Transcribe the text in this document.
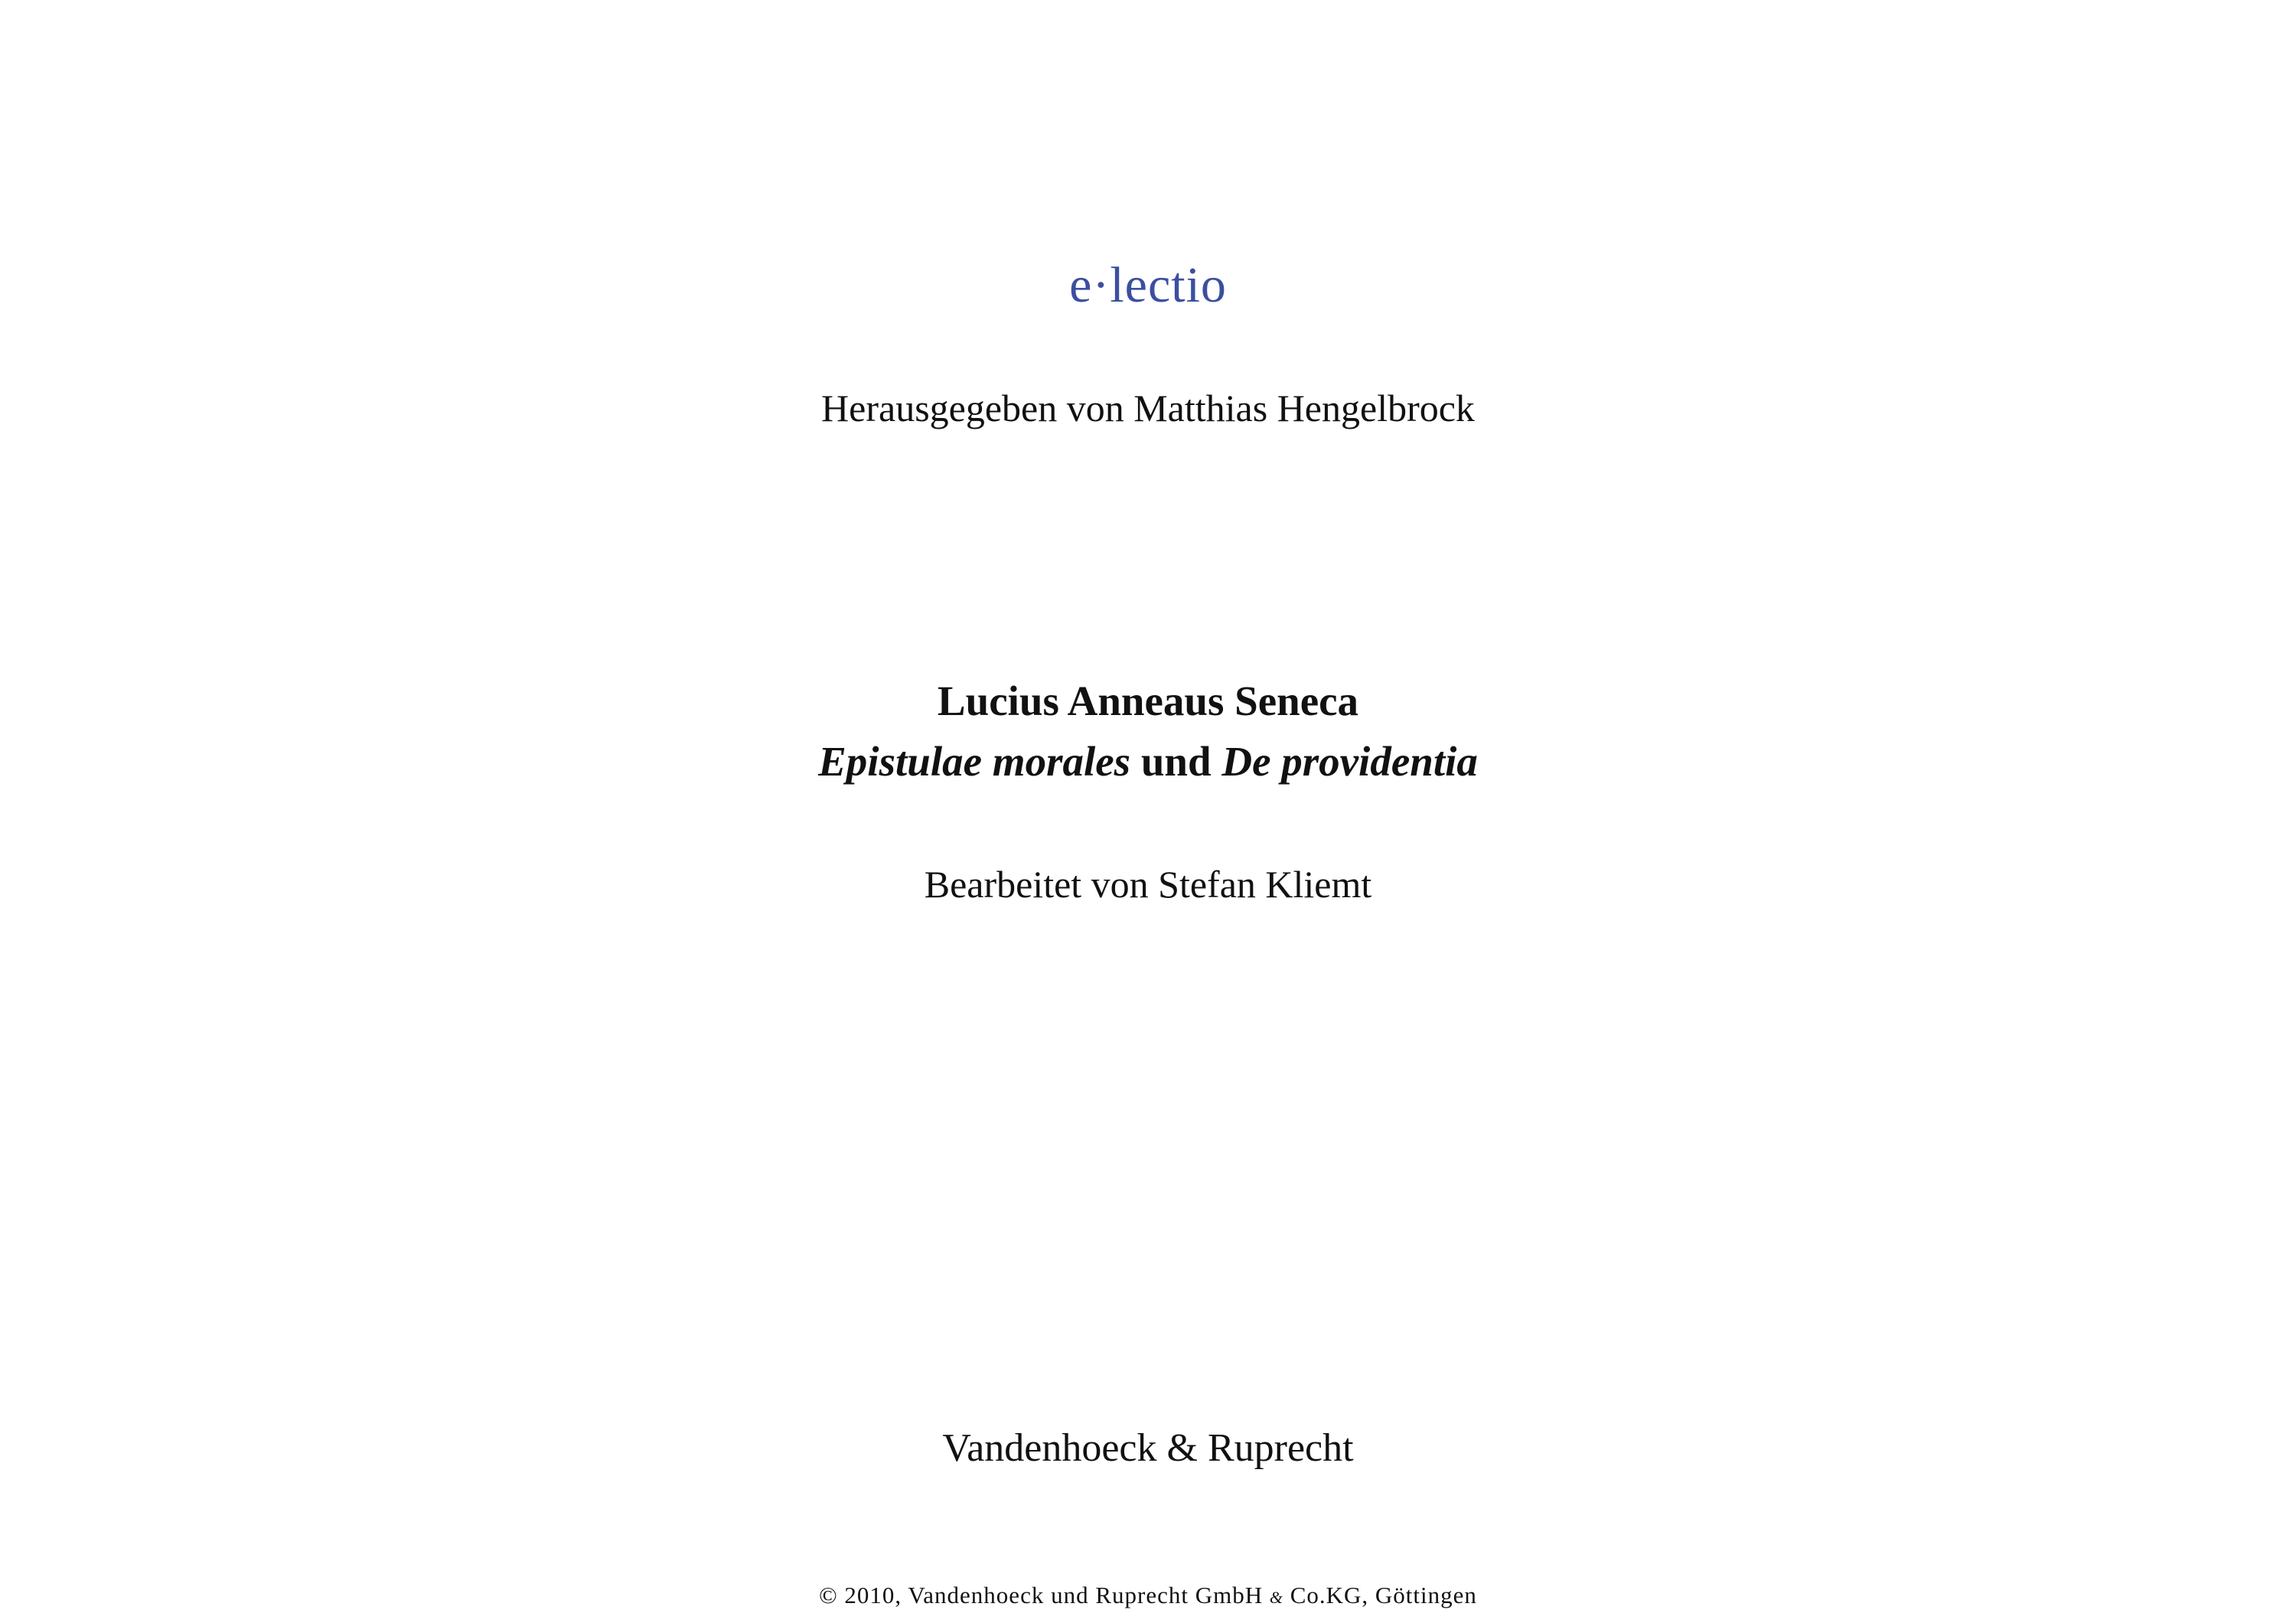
e·lectio
Herausgegeben von Matthias Hengelbrock
Lucius Anneaus Seneca
Epistulae morales und De providentia
Bearbeitet von Stefan Kliemt
Vandenhoeck & Ruprecht
© 2010, Vandenhoeck und Ruprecht GmbH & Co.KG, Göttingen
